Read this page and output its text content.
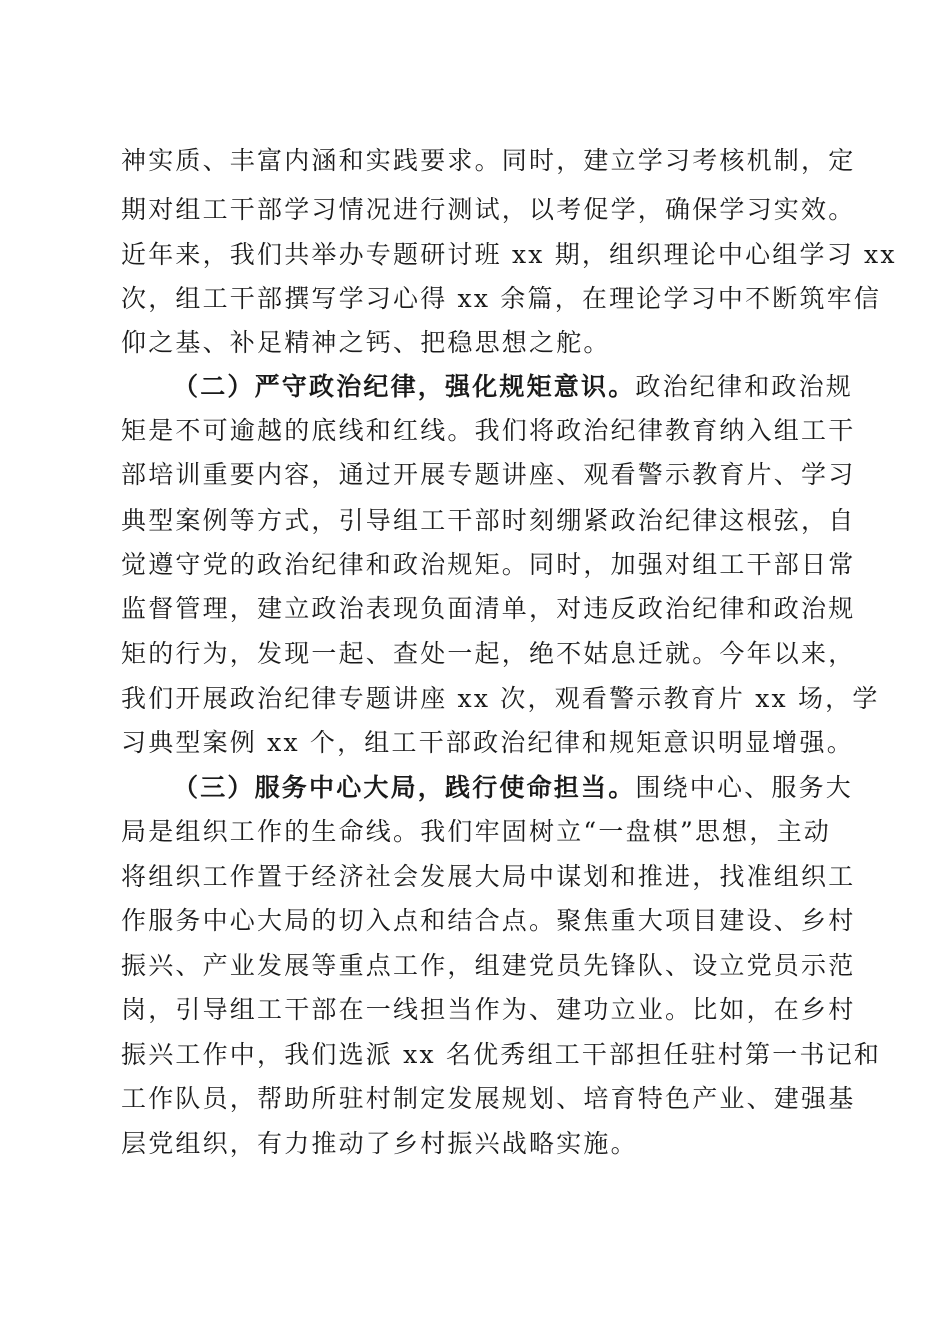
神实质、丰富内涵和实践要求。同时，建立学习考核机制，定
期对组工干部学习情况进行测试，以考促学，确保学习实效。
近年来，我们共举办专题研讨班 xx 期，组织理论中心组学习 xx
次，组工干部撰写学习心得 xx 余篇，在理论学习中不断筑牢信
仰之基、补足精神之钙、把稳思想之舵。
（二）严守政治纪律，强化规矩意识。政治纪律和政治规
矩是不可逾越的底线和红线。我们将政治纪律教育纳入组工干
部培训重要内容，通过开展专题讲座、观看警示教育片、学习
典型案例等方式，引导组工干部时刻绷紧政治纪律这根弦，自
觉遵守党的政治纪律和政治规矩。同时，加强对组工干部日常
监督管理，建立政治表现负面清单，对违反政治纪律和政治规
矩的行为，发现一起、查处一起，绝不姑息迁就。今年以来，
我们开展政治纪律专题讲座 xx 次，观看警示教育片 xx 场，学
习典型案例 xx 个，组工干部政治纪律和规矩意识明显增强。
（三）服务中心大局，践行使命担当。围绕中心、服务大
局是组织工作的生命线。我们牢固树立“一盘棋”思想，主动
将组织工作置于经济社会发展大局中谋划和推进，找准组织工
作服务中心大局的切入点和结合点。聚焦重大项目建设、乡村
振兴、产业发展等重点工作，组建党员先锋队、设立党员示范
岗，引导组工干部在一线担当作为、建功立业。比如，在乡村
振兴工作中，我们选派 xx 名优秀组工干部担任驻村第一书记和
工作队员，帮助所驻村制定发展规划、培育特色产业、建强基
层党组织，有力推动了乡村振兴战略实施。
